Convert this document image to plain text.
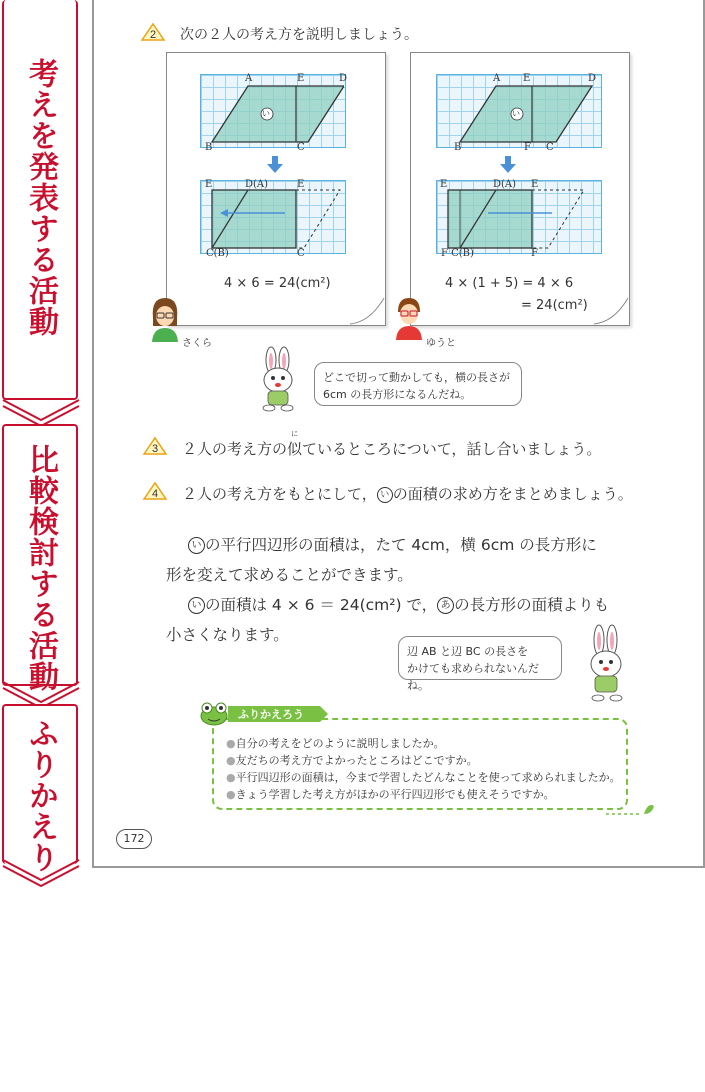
考えを発表する活動
比較検討する活動
ふりかえり
2 次の２人の考え方を説明しましょう。
い
A	E	D
B	C
E	D(A)	E
C(B)	C
4 × 6 = 24(cm²)
さくら
い
A E	D
B	F C
E	D(A) E
F C(B)	F
4 × (1 + 5) = 4 × 6
= 24(cm²)
ゆうと
どこで切って動かしても，横の長さが
6cm の長方形になるんだね。
3 ２人の考え方の
に
似ているところについて，話し合いましょう。
4 ２人の考え方をもとにして， い の面積の求め方をまとめましょう。
い の平行四辺形の面積は，たて 4cm，横 6cm の長方形に
形を変えて求めることができます。
い の面積は 4 × 6 ＝ 24(cm²) で， あ の長方形の面積よりも
小さくなります。
辺 AB と辺 BC の長さを
かけても求められないんだね。
ふりかえろう
●自分の考えをどのように説明しましたか。
●友だちの考え方でよかったところはどこですか。
●平行四辺形の面積は，今まで学習したどんなことを使って求められましたか。
●きょう学習した考え方がほかの平行四辺形でも使えそうですか。
172
